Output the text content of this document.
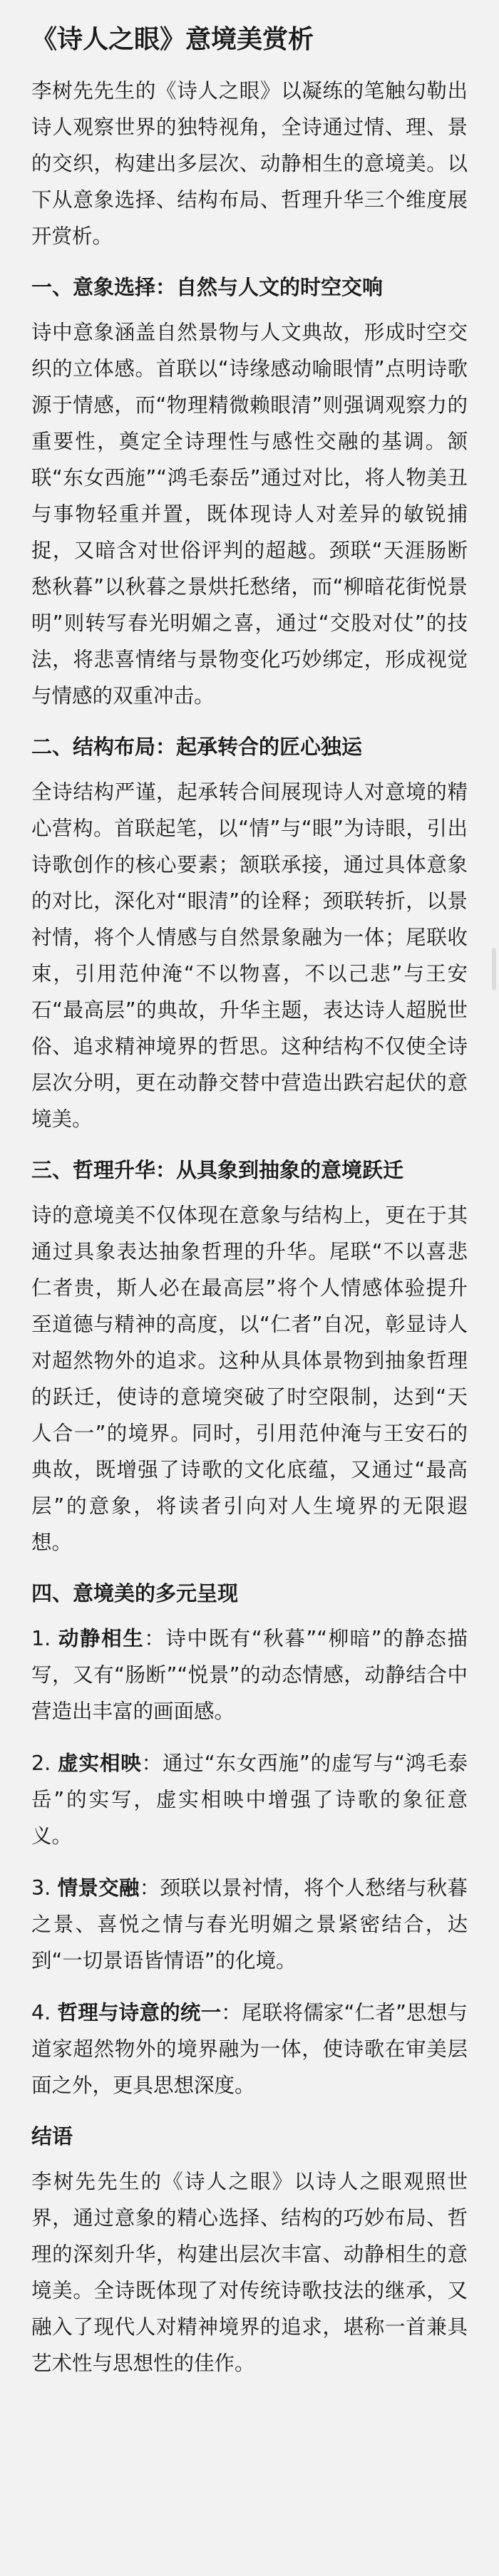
《诗人之眼》意境美赏析

李树先先生的《诗人之眼》以凝练的笔触勾勒出诗人观察世界的独特视角，全诗通过情、理、景的交织，构建出多层次、动静相生的意境美。以下从意象选择、结构布局、哲理升华三个维度展开赏析。

一、意象选择：自然与人文的时空交响

诗中意象涵盖自然景物与人文典故，形成时空交织的立体感。首联以“诗缘感动喻眼情”点明诗歌源于情感，而“物理精微赖眼清”则强调观察力的重要性，奠定全诗理性与感性交融的基调。颔联“东女西施”“鸿毛泰岳”通过对比，将人物美丑与事物轻重并置，既体现诗人对差异的敏锐捕捉，又暗含对世俗评判的超越。颈联“天涯肠断愁秋暮”以秋暮之景烘托愁绪，而“柳暗花街悦景明”则转写春光明媚之喜，通过“交股对仗”的技法，将悲喜情绪与景物变化巧妙绑定，形成视觉与情感的双重冲击。

二、结构布局：起承转合的匠心独运

全诗结构严谨，起承转合间展现诗人对意境的精心营构。首联起笔，以“情”与“眼”为诗眼，引出诗歌创作的核心要素；颔联承接，通过具体意象的对比，深化对“眼清”的诠释；颈联转折，以景衬情，将个人情感与自然景象融为一体；尾联收束，引用范仲淹“不以物喜，不以己悲”与王安石“最高层”的典故，升华主题，表达诗人超脱世俗、追求精神境界的哲思。这种结构不仅使全诗层次分明，更在动静交替中营造出跌宕起伏的意境美。

三、哲理升华：从具象到抽象的意境跃迁

诗的意境美不仅体现在意象与结构上，更在于其通过具象表达抽象哲理的升华。尾联“不以喜悲仁者贵，斯人必在最高层”将个人情感体验提升至道德与精神的高度，以“仁者”自况，彰显诗人对超然物外的追求。这种从具体景物到抽象哲理的跃迁，使诗的意境突破了时空限制，达到“天人合一”的境界。同时，引用范仲淹与王安石的典故，既增强了诗歌的文化底蕴，又通过“最高层”的意象，将读者引向对人生境界的无限遐想。

四、意境美的多元呈现

1. 动静相生：诗中既有“秋暮”“柳暗”的静态描写，又有“肠断”“悦景”的动态情感，动静结合中营造出丰富的画面感。

2. 虚实相映：通过“东女西施”的虚写与“鸿毛泰岳”的实写，虚实相映中增强了诗歌的象征意义。

3. 情景交融：颈联以景衬情，将个人愁绪与秋暮之景、喜悦之情与春光明媚之景紧密结合，达到“一切景语皆情语”的化境。

4. 哲理与诗意的统一：尾联将儒家“仁者”思想与道家超然物外的境界融为一体，使诗歌在审美层面之外，更具思想深度。

结语

李树先先生的《诗人之眼》以诗人之眼观照世界，通过意象的精心选择、结构的巧妙布局、哲理的深刻升华，构建出层次丰富、动静相生的意境美。全诗既体现了对传统诗歌技法的继承，又融入了现代人对精神境界的追求，堪称一首兼具艺术性与思想性的佳作。
